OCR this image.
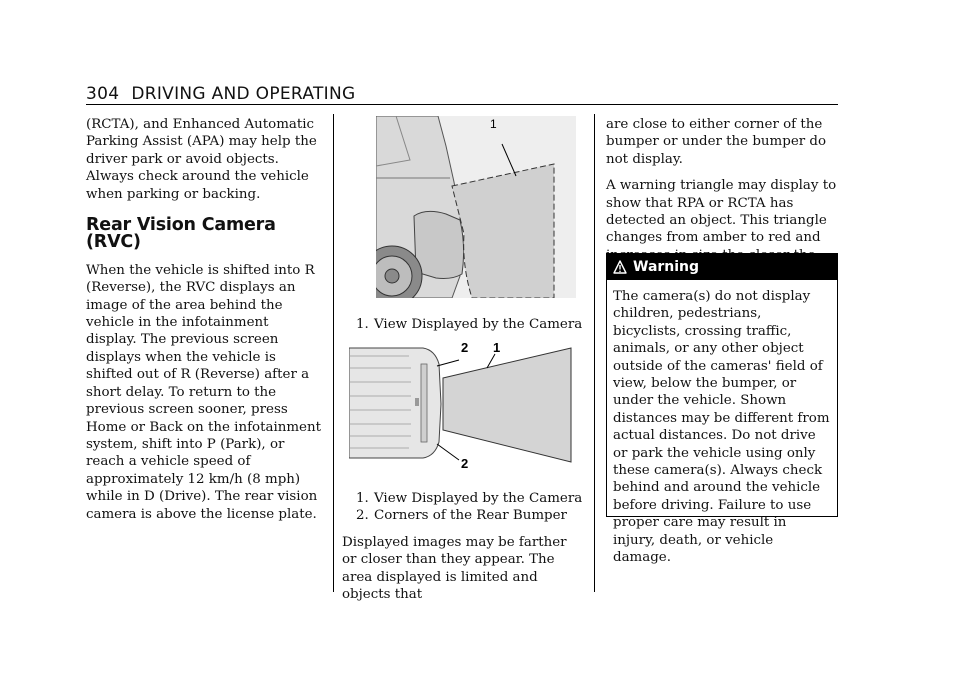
304 DRIVING AND OPERATING

(RCTA), and Enhanced Automatic Parking Assist (APA) may help the driver park or avoid objects. Always check around the vehicle when parking or backing.

Rear Vision Camera (RVC)

When the vehicle is shifted into R (Reverse), the RVC displays an image of the area behind the vehicle in the infotainment display. The previous screen displays when the vehicle is shifted out of R (Reverse) after a short delay. To return to the previous screen sooner, press Home or Back on the infotainment system, shift into P (Park), or reach a vehicle speed of approximately 12 km/h (8 mph) while in D (Drive). The rear vision camera is above the license plate.

1
1. View Displayed by the Camera
2 1
2
1. View Displayed by the Camera
2. Corners of the Rear Bumper

Displayed images may be farther or closer than they appear. The area displayed is limited and objects that

are close to either corner of the bumper or under the bumper do not display.

A warning triangle may display to show that RPA or RCTA has detected an object. This triangle changes from amber to red and

Warning
The camera(s) do not display children, pedestrians, bicyclists, crossing traffic, animals, or any other object outside of the cameras' field of view, below the bumper, or under the vehicle. Shown distances may be different from actual distances. Do not drive or park the vehicle using only these camera(s). Always check behind and around the vehicle before driving. Failure to use proper care may result in injury, death, or vehicle damage.
